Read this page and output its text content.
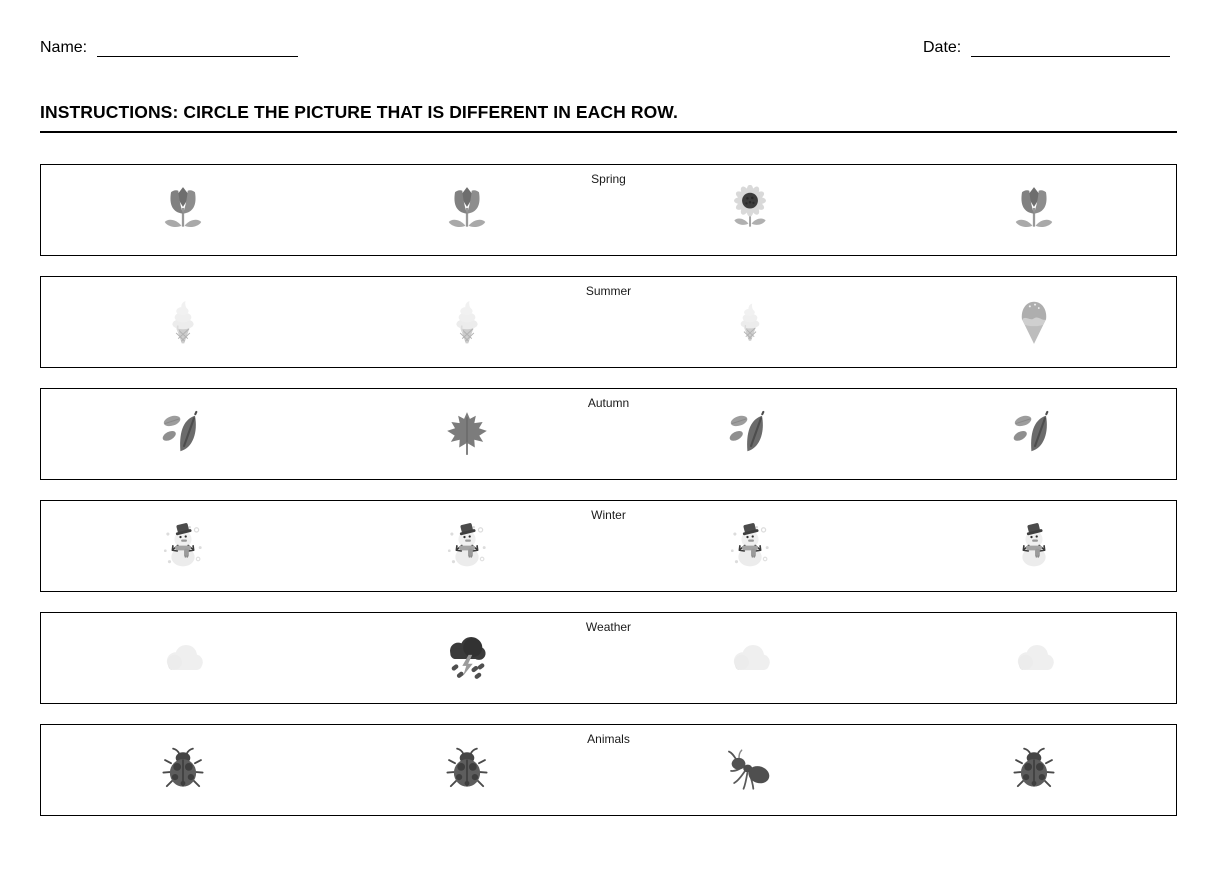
Name:	Date:
INSTRUCTIONS: CIRCLE THE PICTURE THAT IS DIFFERENT IN EACH ROW.
Spring
Summer
Autumn
Winter
Weather
Animals
